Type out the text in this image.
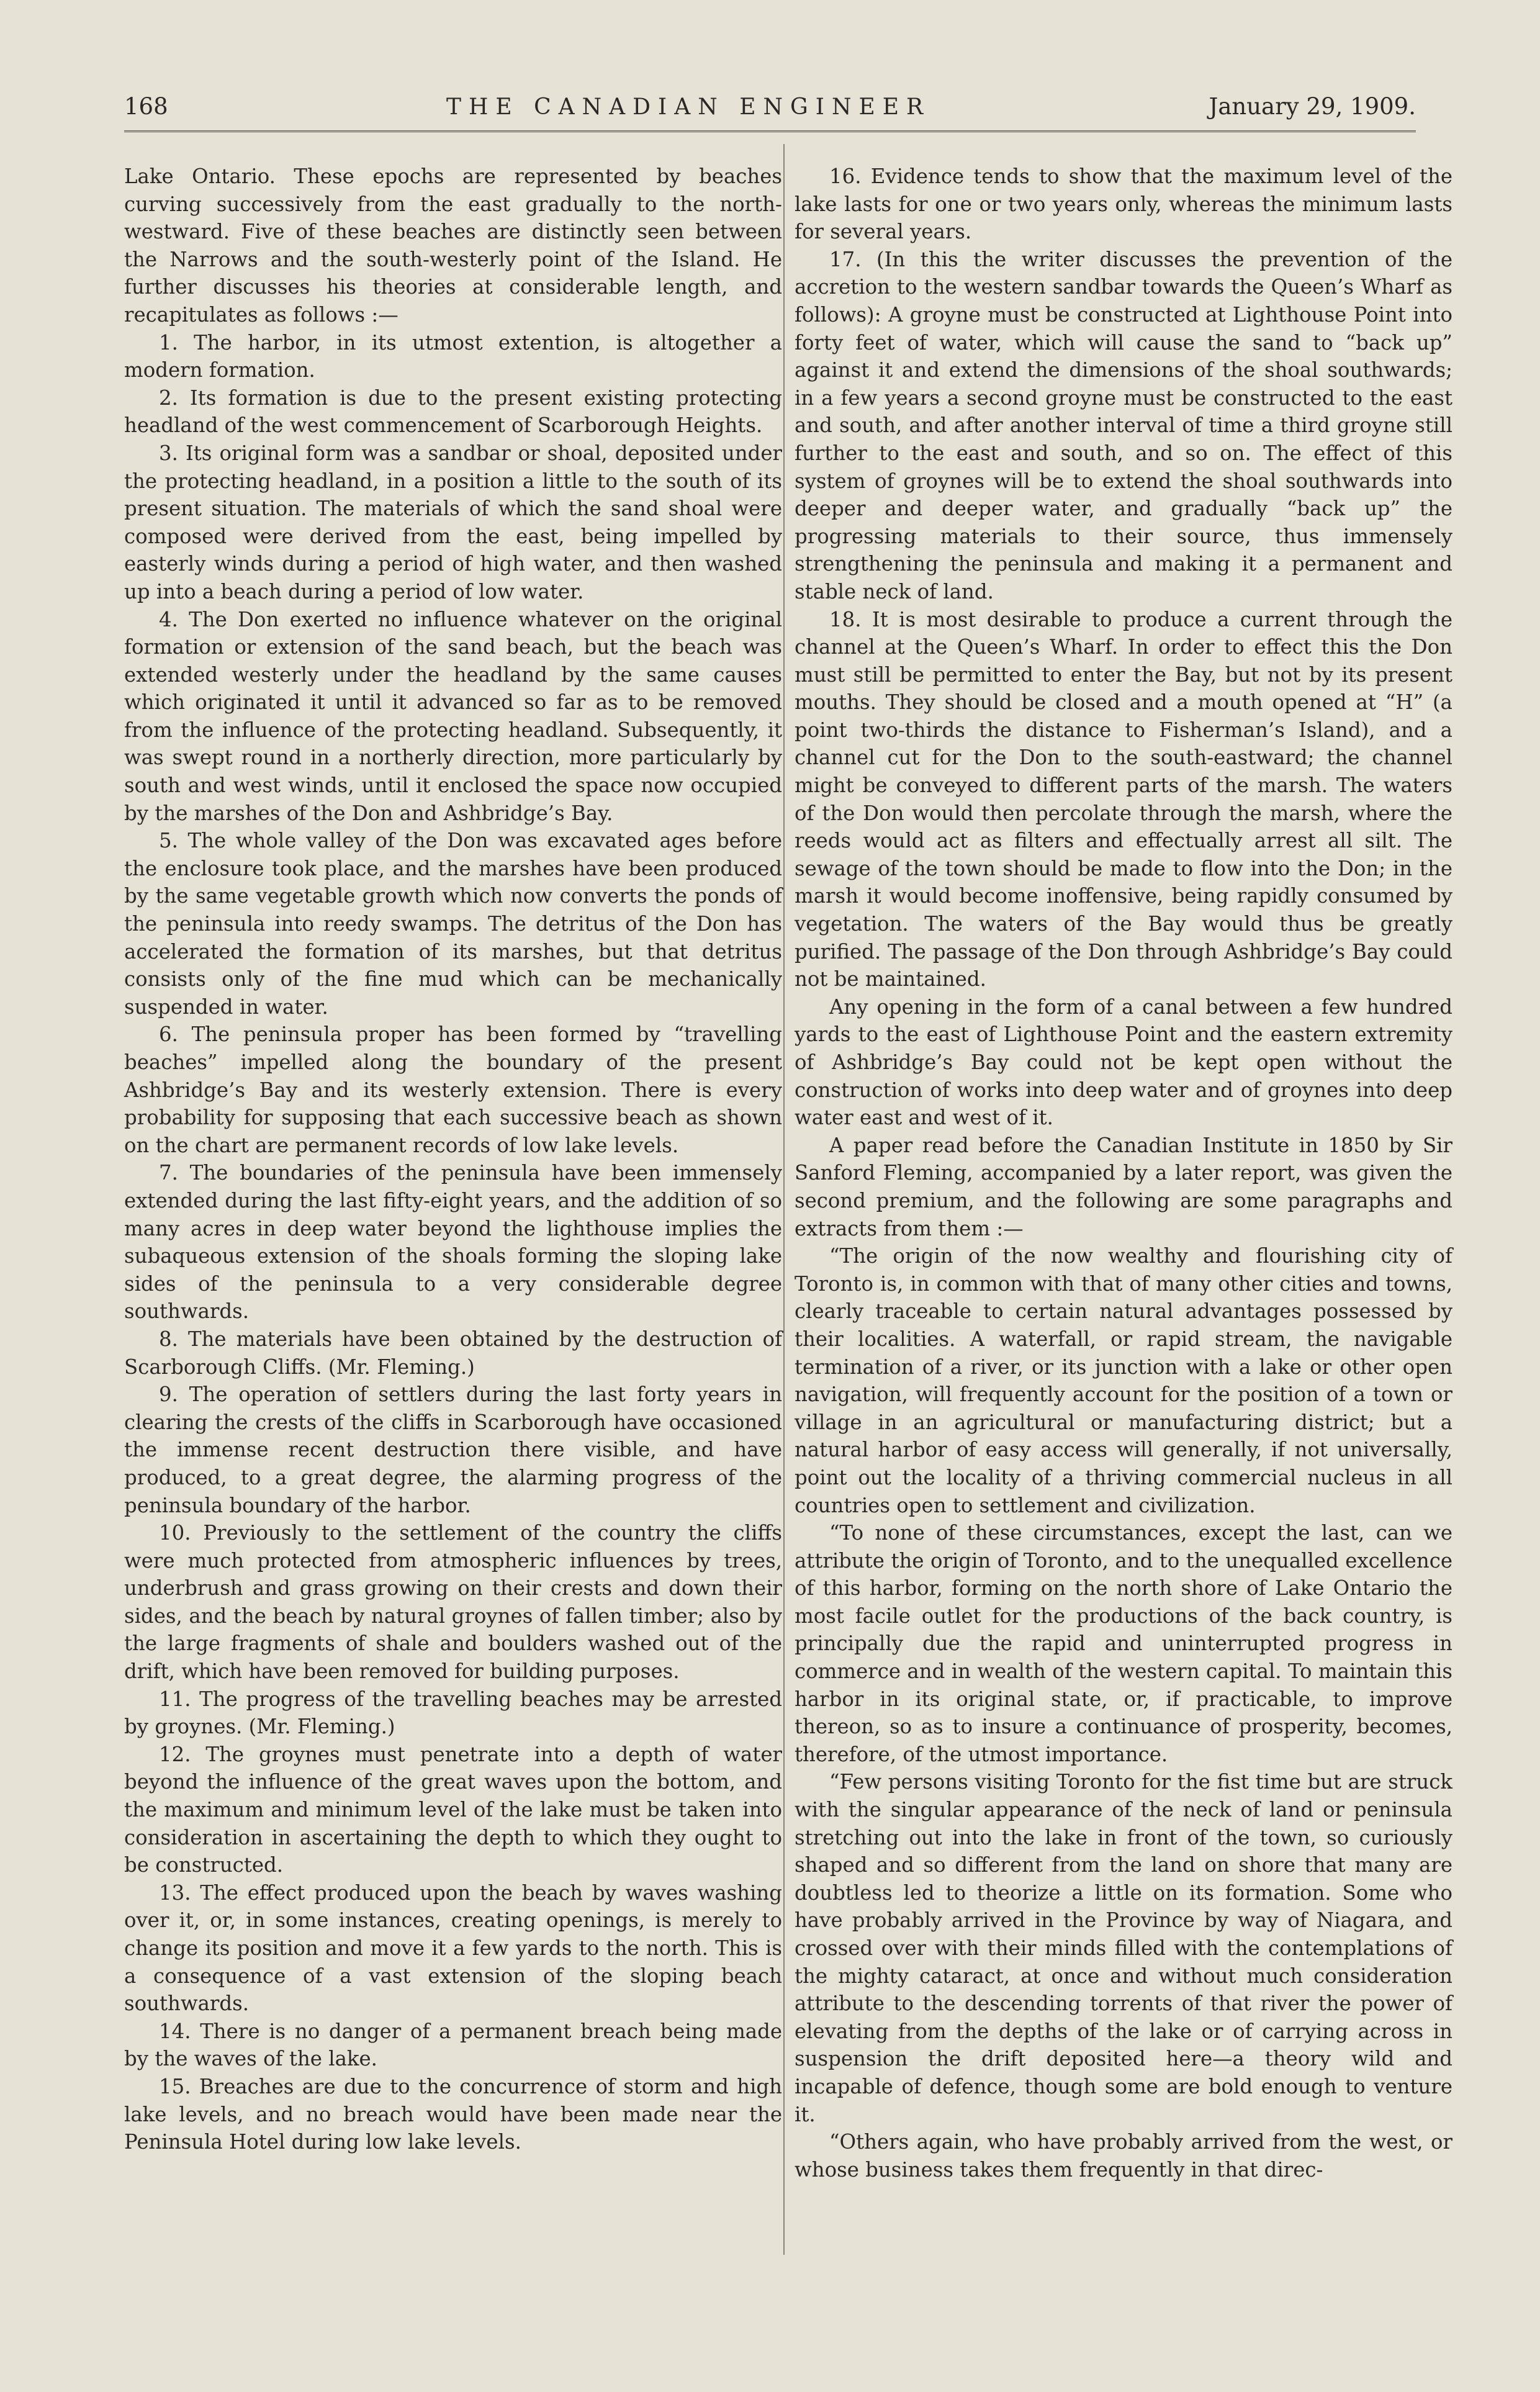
168	THE CANADIAN ENGINEER	January 29, 1909.

Lake Ontario. These epochs are represented by beaches curving successively from the east gradually to the north-westward. Five of these beaches are distinctly seen between the Narrows and the south-westerly point of the Island. He further discusses his theories at considerable length, and recapitulates as follows :—

1. The harbor, in its utmost extention, is altogether a modern formation.

2. Its formation is due to the present existing protecting headland of the west commencement of Scarborough Heights.

3. Its original form was a sandbar or shoal, deposited under the protecting headland, in a position a little to the south of its present situation. The materials of which the sand shoal were composed were derived from the east, being impelled by easterly winds during a period of high water, and then washed up into a beach during a period of low water.

4. The Don exerted no influence whatever on the original formation or extension of the sand beach, but the beach was extended westerly under the headland by the same causes which originated it until it advanced so far as to be removed from the influence of the protecting headland. Subsequently, it was swept round in a northerly direction, more particularly by south and west winds, until it enclosed the space now occupied by the marshes of the Don and Ashbridge’s Bay.

5. The whole valley of the Don was excavated ages before the enclosure took place, and the marshes have been produced by the same vegetable growth which now converts the ponds of the peninsula into reedy swamps. The detritus of the Don has accelerated the formation of its marshes, but that detritus consists only of the fine mud which can be mechanically suspended in water.

6. The peninsula proper has been formed by “travelling beaches” impelled along the boundary of the present Ashbridge’s Bay and its westerly extension. There is every probability for supposing that each successive beach as shown on the chart are permanent records of low lake levels.

7. The boundaries of the peninsula have been immensely extended during the last fifty-eight years, and the addition of so many acres in deep water beyond the lighthouse implies the subaqueous extension of the shoals forming the sloping lake sides of the peninsula to a very considerable degree southwards.

8. The materials have been obtained by the destruction of Scarborough Cliffs. (Mr. Fleming.)

9. The operation of settlers during the last forty years in clearing the crests of the cliffs in Scarborough have occasioned the immense recent destruction there visible, and have produced, to a great degree, the alarming progress of the peninsula boundary of the harbor.

10. Previously to the settlement of the country the cliffs were much protected from atmospheric influences by trees, underbrush and grass growing on their crests and down their sides, and the beach by natural groynes of fallen timber; also by the large fragments of shale and boulders washed out of the drift, which have been removed for building purposes.

11. The progress of the travelling beaches may be arrested by groynes. (Mr. Fleming.)

12. The groynes must penetrate into a depth of water beyond the influence of the great waves upon the bottom, and the maximum and minimum level of the lake must be taken into consideration in ascertaining the depth to which they ought to be constructed.

13. The effect produced upon the beach by waves washing over it, or, in some instances, creating openings, is merely to change its position and move it a few yards to the north. This is a consequence of a vast extension of the sloping beach southwards.

14. There is no danger of a permanent breach being made by the waves of the lake.

15. Breaches are due to the concurrence of storm and high lake levels, and no breach would have been made near the Peninsula Hotel during low lake levels.

16. Evidence tends to show that the maximum level of the lake lasts for one or two years only, whereas the minimum lasts for several years.

17. (In this the writer discusses the prevention of the accretion to the western sandbar towards the Queen’s Wharf as follows): A groyne must be constructed at Lighthouse Point into forty feet of water, which will cause the sand to “back up” against it and extend the dimensions of the shoal southwards; in a few years a second groyne must be constructed to the east and south, and after another interval of time a third groyne still further to the east and south, and so on. The effect of this system of groynes will be to extend the shoal southwards into deeper and deeper water, and gradually “back up” the progressing materials to their source, thus immensely strengthening the peninsula and making it a permanent and stable neck of land.

18. It is most desirable to produce a current through the channel at the Queen’s Wharf. In order to effect this the Don must still be permitted to enter the Bay, but not by its present mouths. They should be closed and a mouth opened at “H” (a point two-thirds the distance to Fisherman’s Island), and a channel cut for the Don to the south-eastward; the channel might be conveyed to different parts of the marsh. The waters of the Don would then percolate through the marsh, where the reeds would act as filters and effectually arrest all silt. The sewage of the town should be made to flow into the Don; in the marsh it would become inoffensive, being rapidly consumed by vegetation. The waters of the Bay would thus be greatly purified. The passage of the Don through Ashbridge’s Bay could not be maintained.

Any opening in the form of a canal between a few hundred yards to the east of Lighthouse Point and the eastern extremity of Ashbridge’s Bay could not be kept open without the construction of works into deep water and of groynes into deep water east and west of it.

A paper read before the Canadian Institute in 1850 by Sir Sanford Fleming, accompanied by a later report, was given the second premium, and the following are some paragraphs and extracts from them :—

“The origin of the now wealthy and flourishing city of Toronto is, in common with that of many other cities and towns, clearly traceable to certain natural advantages possessed by their localities. A waterfall, or rapid stream, the navigable termination of a river, or its junction with a lake or other open navigation, will frequently account for the position of a town or village in an agricultural or manufacturing district; but a natural harbor of easy access will generally, if not universally, point out the locality of a thriving commercial nucleus in all countries open to settlement and civilization.

“To none of these circumstances, except the last, can we attribute the origin of Toronto, and to the unequalled excellence of this harbor, forming on the north shore of Lake Ontario the most facile outlet for the productions of the back country, is principally due the rapid and uninterrupted progress in commerce and in wealth of the western capital. To maintain this harbor in its original state, or, if practicable, to improve thereon, so as to insure a continuance of prosperity, becomes, therefore, of the utmost importance.

“Few persons visiting Toronto for the fist time but are struck with the singular appearance of the neck of land or peninsula stretching out into the lake in front of the town, so curiously shaped and so different from the land on shore that many are doubtless led to theorize a little on its formation. Some who have probably arrived in the Province by way of Niagara, and crossed over with their minds filled with the contemplations of the mighty cataract, at once and without much consideration attribute to the descending torrents of that river the power of elevating from the depths of the lake or of carrying across in suspension the drift deposited here—a theory wild and incapable of defence, though some are bold enough to venture it.

“Others again, who have probably arrived from the west, or whose business takes them frequently in that direc-
